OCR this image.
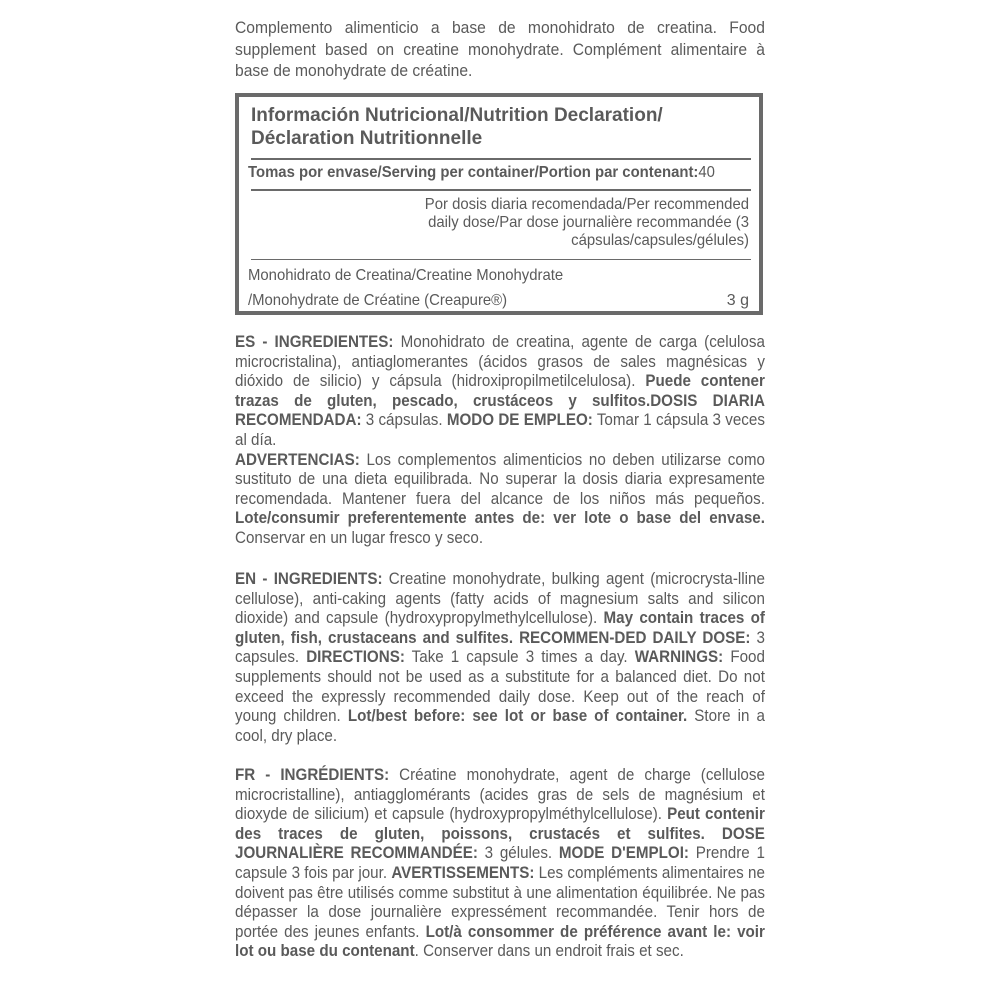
Complemento alimenticio a base de monohidrato de creatina. Food supplement based on creatine monohydrate. Complément alimentaire à base de monohydrate de créatine.
Información Nutricional/Nutrition Declaration/ Déclaration Nutritionnelle
Tomas por envase/Serving per container/Portion par contenant:40
Por dosis diaria recomendada/Per recommended daily dose/Par dose journalière recommandée (3 cápsulas/capsules/gélules)
Monohidrato de Creatina/Creatine Monohydrate
/Monohydrate de Créatine (Creapure®)	3 g

ES - INGREDIENTES: Monohidrato de creatina, agente de carga (celulosa microcristalina), antiaglomerantes (ácidos grasos de sales magnésicas y dióxido de silicio) y cápsula (hidroxipropilmetilcelulosa). Puede contener trazas de gluten, pescado, crustáceos y sulfitos.DOSIS DIARIA RECOMENDADA: 3 cápsulas. MODO DE EMPLEO: Tomar 1 cápsula 3 veces al día.

ADVERTENCIAS: Los complementos alimenticios no deben utilizarse como sustituto de una dieta equilibrada. No superar la dosis diaria expresamente recomendada. Mantener fuera del alcance de los niños más pequeños. Lote/consumir preferentemente antes de: ver lote o base del envase. Conservar en un lugar fresco y seco.

EN - INGREDIENTS: Creatine monohydrate, bulking agent (microcrysta-lline cellulose), anti-caking agents (fatty acids of magnesium salts and silicon dioxide) and capsule (hydroxypropylmethylcellulose). May contain traces of gluten, fish, crustaceans and sulfites. RECOMMEN-DED DAILY DOSE: 3 capsules. DIRECTIONS: Take 1 capsule 3 times a day. WARNINGS: Food supplements should not be used as a substitute for a balanced diet. Do not exceed the expressly recommended daily dose. Keep out of the reach of young children. Lot/best before: see lot or base of container. Store in a cool, dry place.

FR - INGRÉDIENTS: Créatine monohydrate, agent de charge (cellulose microcristalline), antiagglomérants (acides gras de sels de magnésium et dioxyde de silicium) et capsule (hydroxypropylméthylcellulose). Peut contenir des traces de gluten, poissons, crustacés et sulfites. DOSE JOURNALIÈRE RECOMMANDÉE: 3 gélules. MODE D'EMPLOI: Prendre 1 capsule 3 fois par jour. AVERTISSEMENTS: Les compléments alimentaires ne doivent pas être utilisés comme substitut à une alimentation équilibrée. Ne pas dépasser la dose journalière expressément recommandée. Tenir hors de portée des jeunes enfants. Lot/à consommer de préférence avant le: voir lot ou base du contenant. Conserver dans un endroit frais et sec.
